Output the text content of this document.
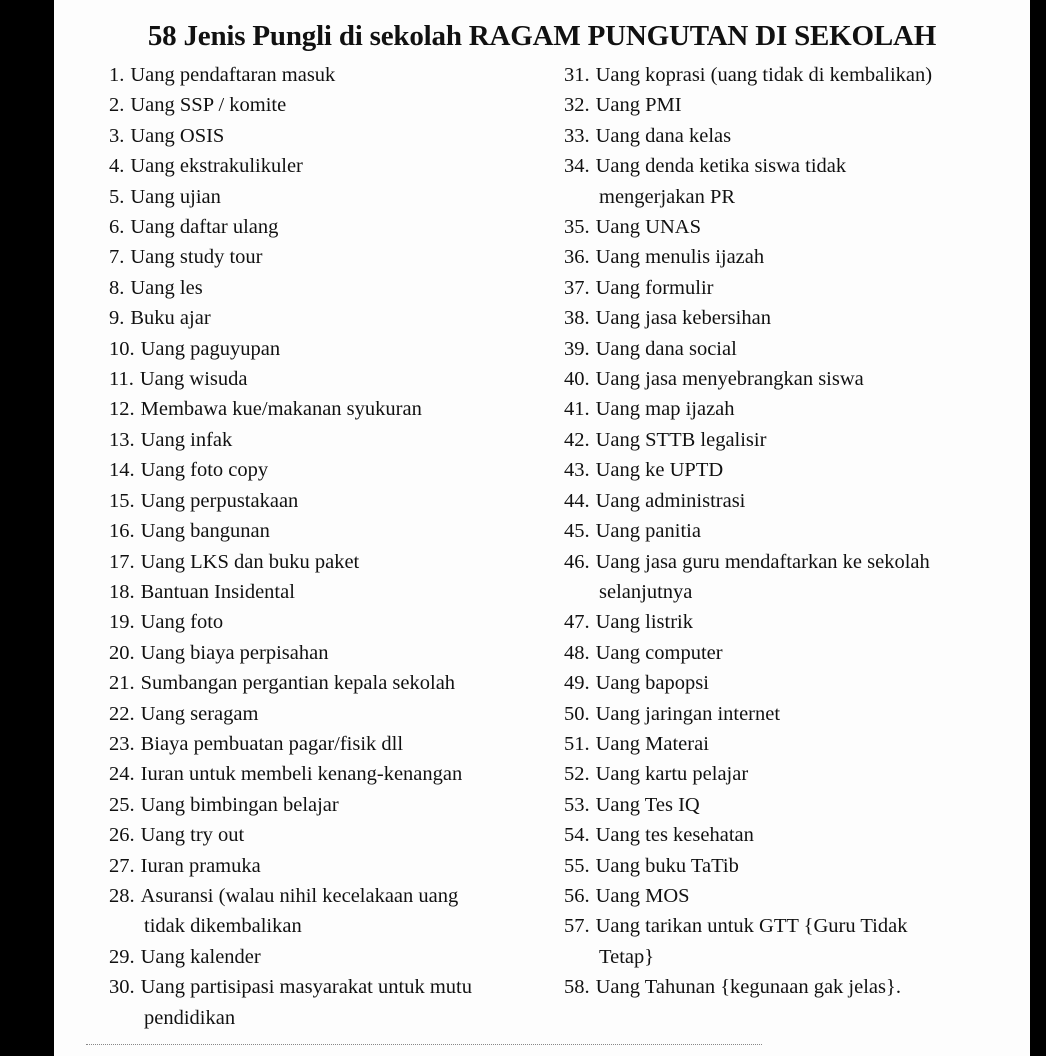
58 Jenis Pungli di sekolah RAGAM PUNGUTAN DI SEKOLAH
1. Uang pendaftaran masuk
2. Uang SSP / komite
3. Uang OSIS
4. Uang ekstrakulikuler
5. Uang ujian
6. Uang daftar ulang
7. Uang study tour
8. Uang les
9. Buku ajar
10. Uang paguyupan
11. Uang wisuda
12. Membawa kue/makanan syukuran
13. Uang infak
14. Uang foto copy
15. Uang perpustakaan
16. Uang bangunan
17. Uang LKS dan buku paket
18. Bantuan Insidental
19. Uang foto
20. Uang biaya perpisahan
21. Sumbangan pergantian kepala sekolah
22. Uang seragam
23. Biaya pembuatan pagar/fisik dll
24. Iuran untuk membeli kenang-kenangan
25. Uang bimbingan belajar
26. Uang try out
27. Iuran pramuka
28. Asuransi (walau nihil kecelakaan uang
tidak dikembalikan
29. Uang kalender
30. Uang partisipasi masyarakat untuk mutu
pendidikan
31. Uang koprasi (uang tidak di kembalikan)
32. Uang PMI
33. Uang dana kelas
34. Uang denda ketika siswa tidak
mengerjakan PR
35. Uang UNAS
36. Uang menulis ijazah
37. Uang formulir
38. Uang jasa kebersihan
39. Uang dana social
40. Uang jasa menyebrangkan siswa
41. Uang map ijazah
42. Uang STTB legalisir
43. Uang ke UPTD
44. Uang administrasi
45. Uang panitia
46. Uang jasa guru mendaftarkan ke sekolah
selanjutnya
47. Uang listrik
48. Uang computer
49. Uang bapopsi
50. Uang jaringan internet
51. Uang Materai
52. Uang kartu pelajar
53. Uang Tes IQ
54. Uang tes kesehatan
55. Uang buku TaTib
56. Uang MOS
57. Uang tarikan untuk GTT {Guru Tidak
Tetap}
58. Uang Tahunan {kegunaan gak jelas}.
